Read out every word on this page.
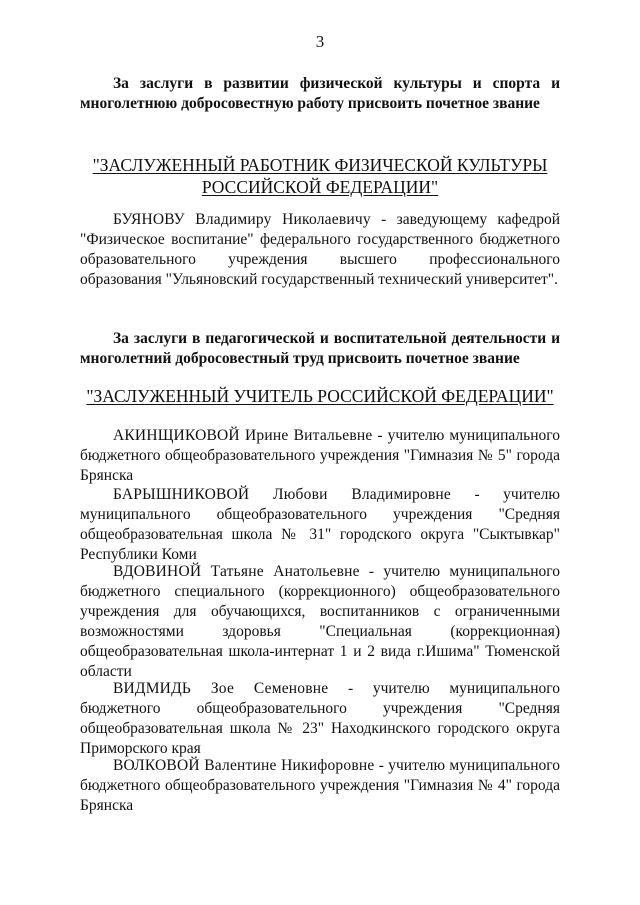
3
За заслуги в развитии физической культуры и спорта и многолетнюю добросовестную работу присвоить почетное звание
"ЗАСЛУЖЕННЫЙ РАБОТНИК ФИЗИЧЕСКОЙ КУЛЬТУРЫ
РОССИЙСКОЙ ФЕДЕРАЦИИ"
БУЯНОВУ Владимиру Николаевичу - заведующему кафедрой "Физическое воспитание" федерального государственного бюджетного образовательного учреждения высшего профессионального образования "Ульяновский государственный технический университет".
За заслуги в педагогической и воспитательной деятельности и многолетний добросовестный труд присвоить почетное звание
"ЗАСЛУЖЕННЫЙ УЧИТЕЛЬ РОССИЙСКОЙ ФЕДЕРАЦИИ"
АКИНЩИКОВОЙ Ирине Витальевне - учителю муниципального бюджетного общеобразовательного учреждения "Гимназия № 5" города Брянска
БАРЫШНИКОВОЙ Любови Владимировне - учителю муниципального общеобразовательного учреждения "Средняя общеобразовательная школа № 31" городского округа "Сыктывкар" Республики Коми
ВДОВИНОЙ Татьяне Анатольевне - учителю муниципального бюджетного специального (коррекционного) общеобразовательного учреждения для обучающихся, воспитанников с ограниченными возможностями здоровья "Специальная (коррекционная) общеобразовательная школа-интернат 1 и 2 вида г.Ишима" Тюменской области
ВИДМИДЬ Зое Семеновне - учителю муниципального бюджетного общеобразовательного учреждения "Средняя общеобразовательная школа № 23" Находкинского городского округа Приморского края
ВОЛКОВОЙ Валентине Никифоровне - учителю муниципального бюджетного общеобразовательного учреждения "Гимназия № 4" города Брянска
